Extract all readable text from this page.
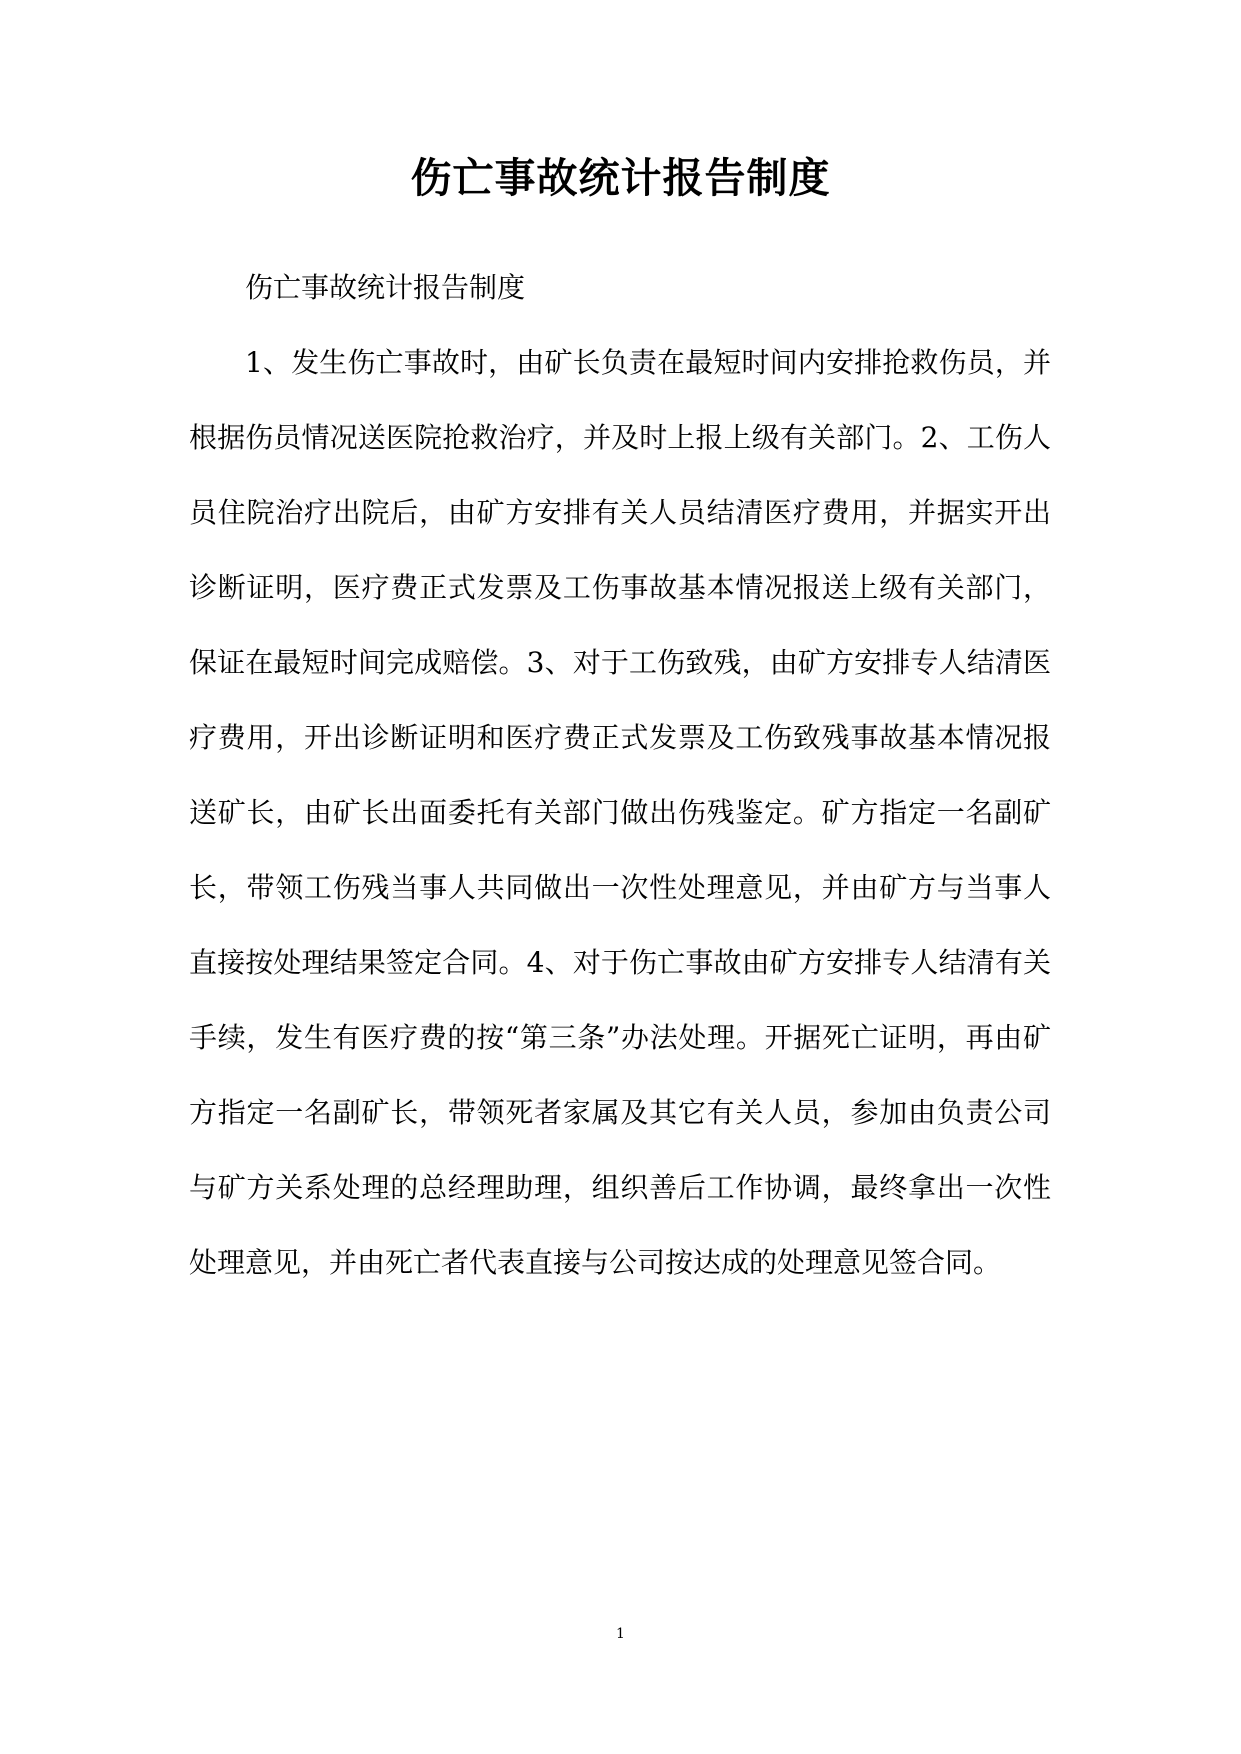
伤亡事故统计报告制度

伤亡事故统计报告制度

1、发生伤亡事故时，由矿长负责在最短时间内安排抢救伤员，并根据伤员情况送医院抢救治疗，并及时上报上级有关部门。2、工伤人员住院治疗出院后，由矿方安排有关人员结清医疗费用，并据实开出诊断证明，医疗费正式发票及工伤事故基本情况报送上级有关部门，保证在最短时间完成赔偿。3、对于工伤致残，由矿方安排专人结清医疗费用，开出诊断证明和医疗费正式发票及工伤致残事故基本情况报送矿长，由矿长出面委托有关部门做出伤残鉴定。矿方指定一名副矿长，带领工伤残当事人共同做出一次性处理意见，并由矿方与当事人直接按处理结果签定合同。4、对于伤亡事故由矿方安排专人结清有关手续，发生有医疗费的按“第三条”办法处理。开据死亡证明，再由矿方指定一名副矿长，带领死者家属及其它有关人员，参加由负责公司与矿方关系处理的总经理助理，组织善后工作协调，最终拿出一次性处理意见，并由死亡者代表直接与公司按达成的处理意见签合同。

1
